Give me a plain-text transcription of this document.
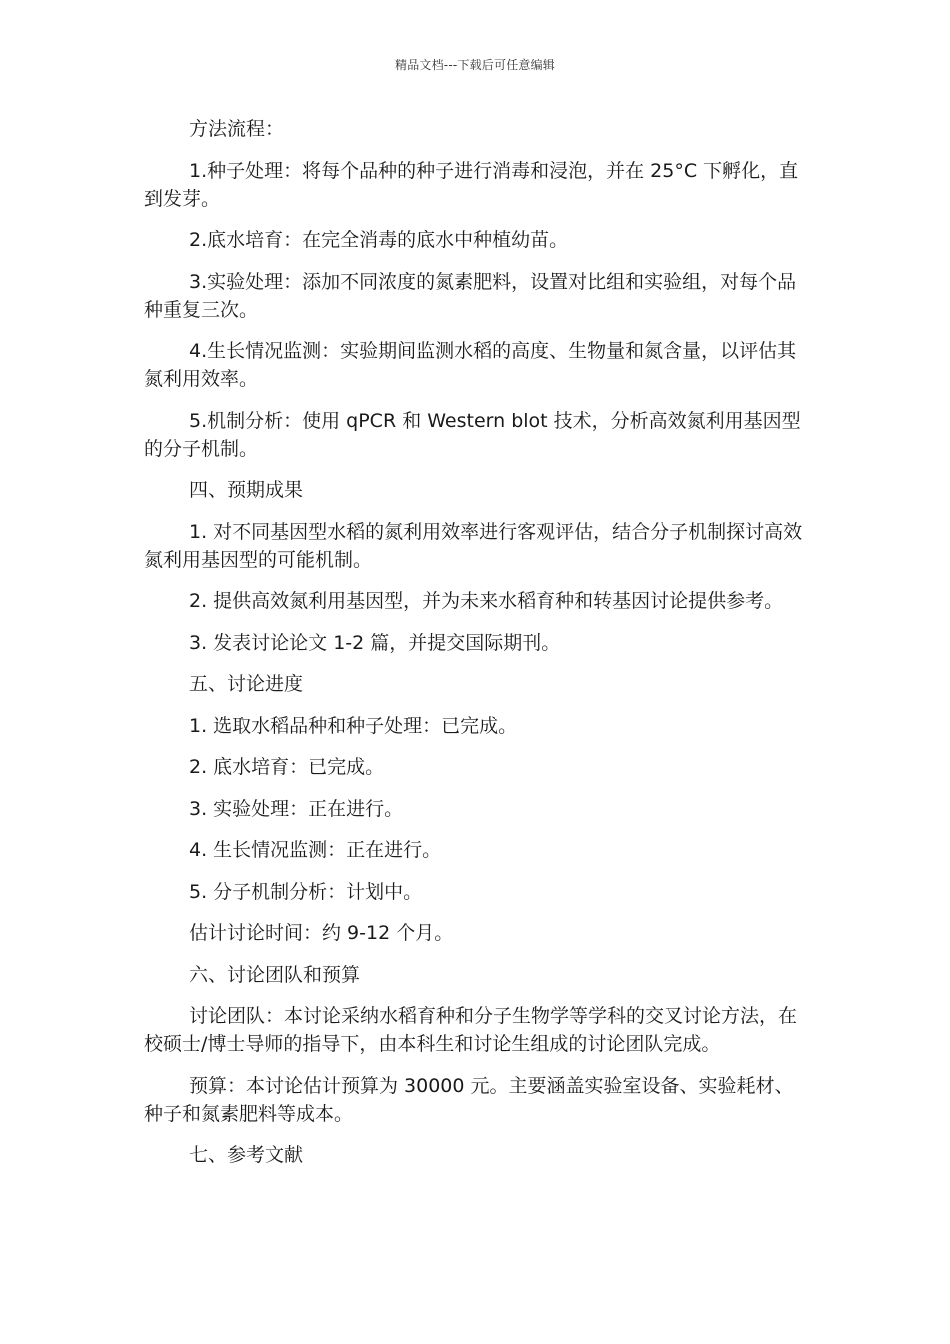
精品文档---下载后可任意编辑

方法流程：

1.种子处理：将每个品种的种子进行消毒和浸泡，并在 25°C 下孵化，直到发芽。

2.底水培育：在完全消毒的底水中种植幼苗。

3.实验处理：添加不同浓度的氮素肥料，设置对比组和实验组，对每个品种重复三次。

4.生长情况监测：实验期间监测水稻的高度、生物量和氮含量，以评估其氮利用效率。

5.机制分析：使用 qPCR 和 Western blot 技术，分析高效氮利用基因型的分子机制。

四、预期成果

1. 对不同基因型水稻的氮利用效率进行客观评估，结合分子机制探讨高效氮利用基因型的可能机制。

2. 提供高效氮利用基因型，并为未来水稻育种和转基因讨论提供参考。

3. 发表讨论论文 1-2 篇，并提交国际期刊。

五、讨论进度

1. 选取水稻品种和种子处理：已完成。

2. 底水培育：已完成。

3. 实验处理：正在进行。

4. 生长情况监测：正在进行。

5. 分子机制分析：计划中。

估计讨论时间：约 9-12 个月。

六、讨论团队和预算

讨论团队：本讨论采纳水稻育种和分子生物学等学科的交叉讨论方法，在校硕士/博士导师的指导下，由本科生和讨论生组成的讨论团队完成。

预算：本讨论估计预算为 30000 元。主要涵盖实验室设备、实验耗材、种子和氮素肥料等成本。

七、参考文献
